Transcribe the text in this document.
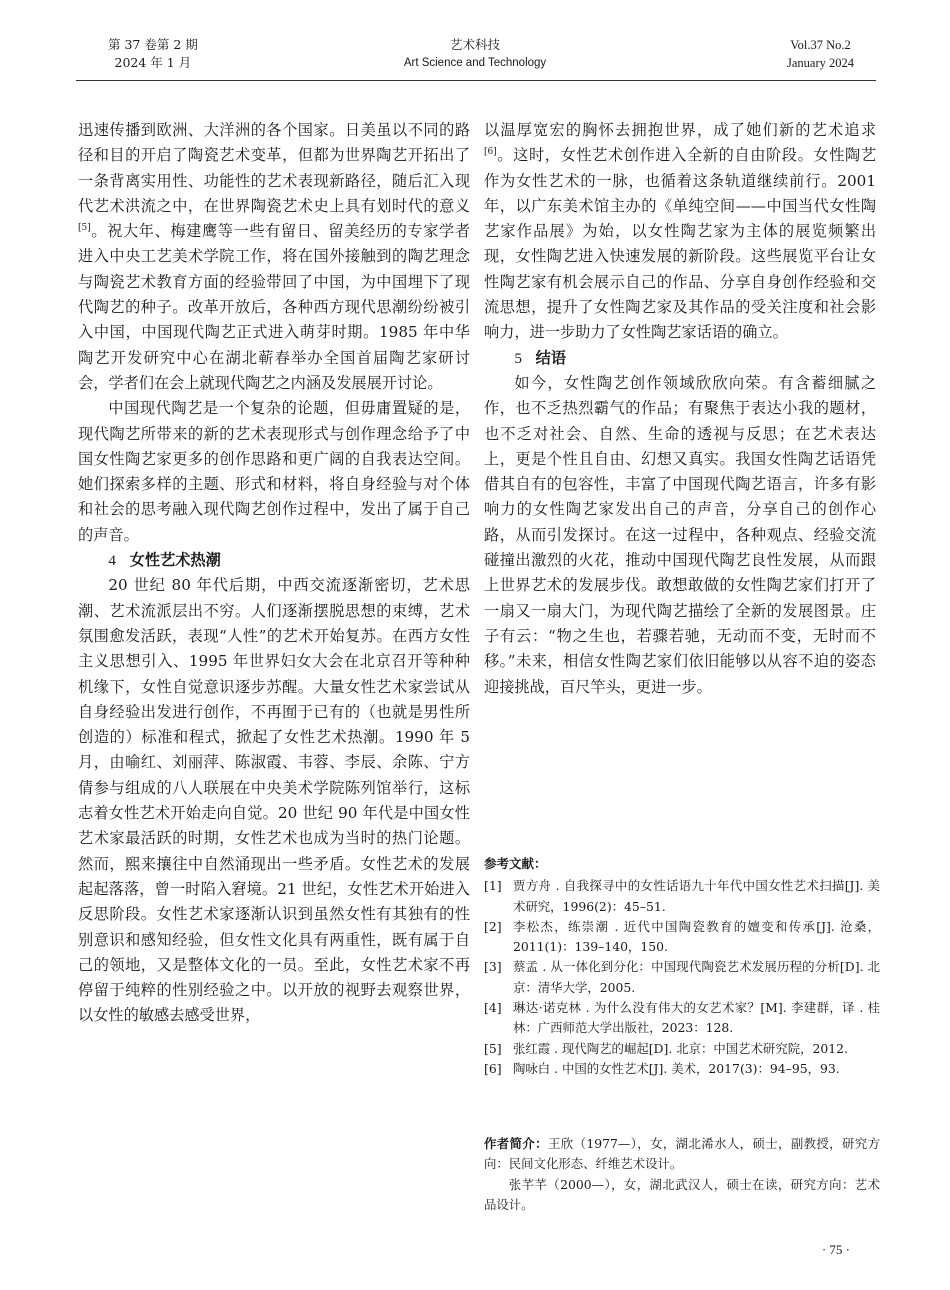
第 37 卷第 2 期
2024 年 1 月
艺术科技
Art Science and Technology
Vol.37 No.2
January 2024

迅速传播到欧洲、大洋洲的各个国家。日美虽以不同的路径和目的开启了陶瓷艺术变革，但都为世界陶艺开拓出了一条背离实用性、功能性的艺术表现新路径，随后汇入现代艺术洪流之中，在世界陶瓷艺术史上具有划时代的意义[5]。祝大年、梅建鹰等一些有留日、留美经历的专家学者进入中央工艺美术学院工作，将在国外接触到的陶艺理念与陶瓷艺术教育方面的经验带回了中国，为中国埋下了现代陶艺的种子。改革开放后，各种西方现代思潮纷纷被引入中国，中国现代陶艺正式进入萌芽时期。1985 年中华陶艺开发研究中心在湖北蕲春举办全国首届陶艺家研讨会，学者们在会上就现代陶艺之内涵及发展展开讨论。

中国现代陶艺是一个复杂的论题，但毋庸置疑的是，现代陶艺所带来的新的艺术表现形式与创作理念给予了中国女性陶艺家更多的创作思路和更广阔的自我表达空间。她们探索多样的主题、形式和材料，将自身经验与对个体和社会的思考融入现代陶艺创作过程中，发出了属于自己的声音。

4 女性艺术热潮

20 世纪 80 年代后期，中西交流逐渐密切，艺术思潮、艺术流派层出不穷。人们逐渐摆脱思想的束缚，艺术氛围愈发活跃，表现“人性”的艺术开始复苏。在西方女性主义思想引入、1995 年世界妇女大会在北京召开等种种机缘下，女性自觉意识逐步苏醒。大量女性艺术家尝试从自身经验出发进行创作，不再囿于已有的（也就是男性所创造的）标准和程式，掀起了女性艺术热潮。1990 年 5 月，由喻红、刘丽萍、陈淑霞、韦蓉、李辰、余陈、宁方倩参与组成的八人联展在中央美术学院陈列馆举行，这标志着女性艺术开始走向自觉。20 世纪 90 年代是中国女性艺术家最活跃的时期，女性艺术也成为当时的热门论题。然而，熙来攘往中自然涌现出一些矛盾。女性艺术的发展起起落落，曾一时陷入窘境。21 世纪，女性艺术开始进入反思阶段。女性艺术家逐渐认识到虽然女性有其独有的性别意识和感知经验，但女性文化具有两重性，既有属于自己的领地，又是整体文化的一员。至此，女性艺术家不再停留于纯粹的性别经验之中。以开放的视野去观察世界，以女性的敏感去感受世界，

以温厚宽宏的胸怀去拥抱世界，成了她们新的艺术追求[6]。这时，女性艺术创作进入全新的自由阶段。女性陶艺作为女性艺术的一脉，也循着这条轨道继续前行。2001 年，以广东美术馆主办的《单纯空间——中国当代女性陶艺家作品展》为始，以女性陶艺家为主体的展览频繁出现，女性陶艺进入快速发展的新阶段。这些展览平台让女性陶艺家有机会展示自己的作品、分享自身创作经验和交流思想，提升了女性陶艺家及其作品的受关注度和社会影响力，进一步助力了女性陶艺家话语的确立。

5 结语

如今，女性陶艺创作领域欣欣向荣。有含蓄细腻之作，也不乏热烈霸气的作品；有聚焦于表达小我的题材，也不乏对社会、自然、生命的透视与反思；在艺术表达上，更是个性且自由、幻想又真实。我国女性陶艺话语凭借其自有的包容性，丰富了中国现代陶艺语言，许多有影响力的女性陶艺家发出自己的声音，分享自己的创作心路，从而引发探讨。在这一过程中，各种观点、经验交流碰撞出激烈的火花，推动中国现代陶艺良性发展，从而跟上世界艺术的发展步伐。敢想敢做的女性陶艺家们打开了一扇又一扇大门，为现代陶艺描绘了全新的发展图景。庄子有云：“物之生也，若骤若驰，无动而不变，无时而不移。”未来，相信女性陶艺家们依旧能够以从容不迫的姿态迎接挑战，百尺竿头，更进一步。

参考文献：
[1] 贾方舟 . 自我探寻中的女性话语九十年代中国女性艺术扫描[J]. 美术研究，1996(2)：45–51.
[2] 李松杰，练崇潮 . 近代中国陶瓷教育的嬗变和传承[J]. 沧桑，2011(1)：139–140，150.
[3] 蔡孟 . 从一体化到分化：中国现代陶瓷艺术发展历程的分析[D]. 北京：清华大学，2005.
[4] 琳达·诺克林 . 为什么没有伟大的女艺术家？[M]. 李建群，译 . 桂林：广西师范大学出版社，2023：128.
[5] 张红霞 . 现代陶艺的崛起[D]. 北京：中国艺术研究院，2012.
[6] 陶咏白 . 中国的女性艺术[J]. 美术，2017(3)：94–95，93.

作者简介：王欣（1977—），女，湖北浠水人，硕士，副教授，研究方向：民间文化形态、纤维艺术设计。

张芊芊（2000—），女，湖北武汉人，硕士在读，研究方向：艺术品设计。

· 75 ·
